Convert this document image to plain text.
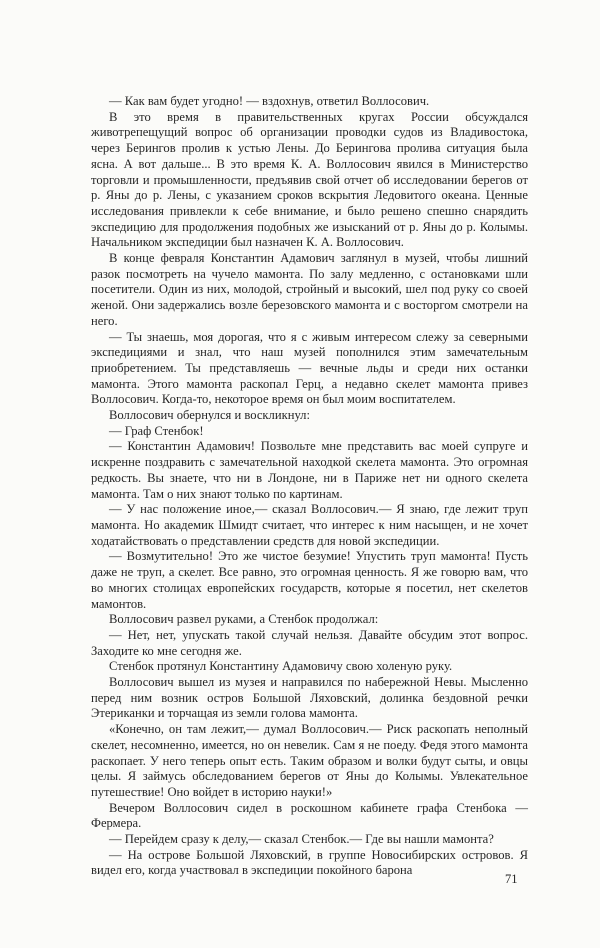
— Как вам будет угодно! — вздохнув, ответил Воллосович.

В это время в правительственных кругах России обсуждался животрепещущий вопрос об организации проводки судов из Владивостока, через Берингов пролив к устью Лены. До Берингова пролива ситуация была ясна. А вот дальше... В это время К. А. Воллосович явился в Министерство торговли и промышленности, предъявив свой отчет об исследовании берегов от р. Яны до р. Лены, с указанием сроков вскрытия Ледовитого океана. Ценные исследования привлекли к себе внимание, и было решено спешно снарядить экспедицию для продолжения подобных же изысканий от р. Яны до р. Колымы. Начальником экспедиции был назначен К. А. Воллосович.

В конце февраля Константин Адамович заглянул в музей, чтобы лишний разок посмотреть на чучело мамонта. По залу медленно, с остановками шли посетители. Один из них, молодой, стройный и высокий, шел под руку со своей женой. Они задержались возле березовского мамонта и с восторгом смотрели на него.

— Ты знаешь, моя дорогая, что я с живым интересом слежу за северными экспедициями и знал, что наш музей пополнился этим замечательным приобретением. Ты представляешь — вечные льды и среди них останки мамонта. Этого мамонта раскопал Герц, а недавно скелет мамонта привез Воллосович. Когда-то, некоторое время он был моим воспитателем.

Воллосович обернулся и воскликнул:

— Граф Стенбок!

— Константин Адамович! Позвольте мне представить вас моей супруге и искренне поздравить с замечательной находкой скелета мамонта. Это огромная редкость. Вы знаете, что ни в Лондоне, ни в Париже нет ни одного скелета мамонта. Там о них знают только по картинам.

— У нас положение иное,— сказал Воллосович.— Я знаю, где лежит труп мамонта. Но академик Шмидт считает, что интерес к ним насыщен, и не хочет ходатайствовать о представлении средств для новой экспедиции.

— Возмутительно! Это же чистое безумие! Упустить труп мамонта! Пусть даже не труп, а скелет. Все равно, это огромная ценность. Я же говорю вам, что во многих столицах европейских государств, которые я посетил, нет скелетов мамонтов.

Воллосович развел руками, а Стенбок продолжал:

— Нет, нет, упускать такой случай нельзя. Давайте обсудим этот вопрос. Заходите ко мне сегодня же.

Стенбок протянул Константину Адамовичу свою холеную руку.

Воллосович вышел из музея и направился по набережной Невы. Мысленно перед ним возник остров Большой Ляховский, долинка бездовной речки Этериканки и торчащая из земли голова мамонта.

«Конечно, он там лежит,— думал Воллосович.— Риск раскопать неполный скелет, несомненно, имеется, но он невелик. Сам я не поеду. Федя этого мамонта раскопает. У него теперь опыт есть. Таким образом и волки будут сыты, и овцы целы. Я займусь обследованием берегов от Яны до Колымы. Увлекательное путешествие! Оно войдет в историю науки!»

Вечером Воллосович сидел в роскошном кабинете графа Стенбока — Фермера.

— Перейдем сразу к делу,— сказал Стенбок.— Где вы нашли мамонта?

— На острове Большой Ляховский, в группе Новосибирских островов. Я видел его, когда участвовал в экспедиции покойного барона

71
